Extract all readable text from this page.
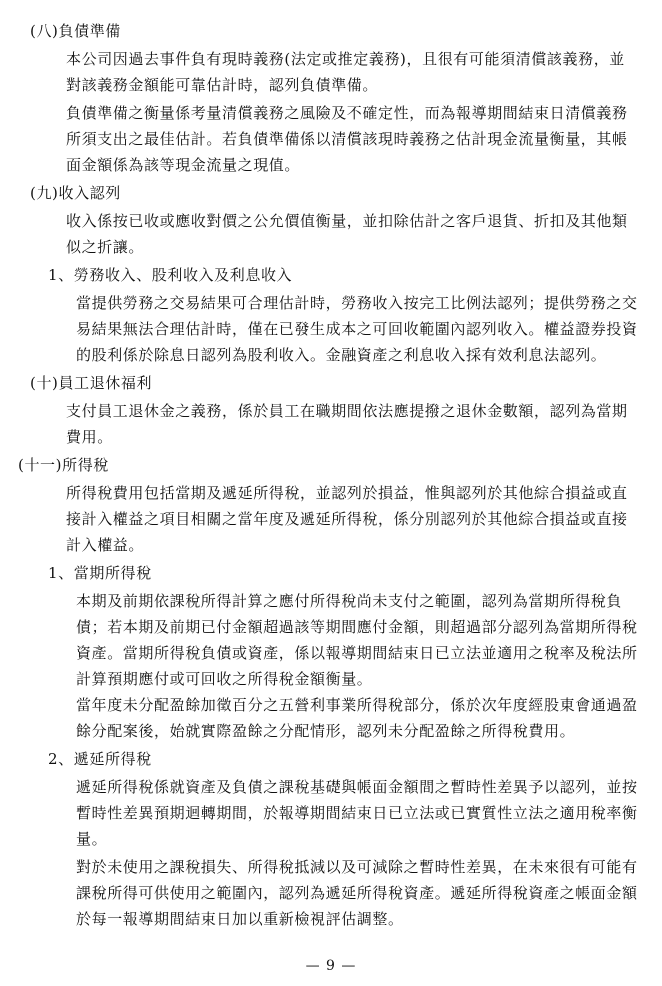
(八)負債準備

本公司因過去事件負有現時義務(法定或推定義務)，且很有可能須清償該義務，並

對該義務金額能可靠估計時，認列負債準備。

負債準備之衡量係考量清償義務之風險及不確定性，而為報導期間結束日清償義務

所須支出之最佳估計。若負債準備係以清償該現時義務之估計現金流量衡量，其帳

面金額係為該等現金流量之現值。

(九)收入認列

收入係按已收或應收對價之公允價值衡量，並扣除估計之客戶退貨、折扣及其他類

似之折讓。

1、勞務收入、股利收入及利息收入

當提供勞務之交易結果可合理估計時，勞務收入按完工比例法認列；提供勞務之交

易結果無法合理估計時，僅在已發生成本之可回收範圍內認列收入。權益證券投資

的股利係於除息日認列為股利收入。金融資產之利息收入採有效利息法認列。

(十)員工退休福利

支付員工退休金之義務，係於員工在職期間依法應提撥之退休金數額，認列為當期

費用。

(十一)所得稅

所得稅費用包括當期及遞延所得稅，並認列於損益，惟與認列於其他綜合損益或直

接計入權益之項目相關之當年度及遞延所得稅，係分別認列於其他綜合損益或直接

計入權益。

1、當期所得稅

本期及前期依課稅所得計算之應付所得稅尚未支付之範圍，認列為當期所得稅負

債；若本期及前期已付金額超過該等期間應付金額，則超過部分認列為當期所得稅

資產。當期所得稅負債或資產，係以報導期間結束日已立法並適用之稅率及稅法所

計算預期應付或可回收之所得稅金額衡量。

當年度未分配盈餘加徵百分之五營利事業所得稅部分，係於次年度經股東會通過盈

餘分配案後，始就實際盈餘之分配情形，認列未分配盈餘之所得稅費用。

2、遞延所得稅

遞延所得稅係就資產及負債之課稅基礎與帳面金額間之暫時性差異予以認列，並按

暫時性差異預期迴轉期間，於報導期間結束日已立法或已實質性立法之適用稅率衡

量。

對於未使用之課稅損失、所得稅抵減以及可減除之暫時性差異，在未來很有可能有

課稅所得可供使用之範圍內，認列為遞延所得稅資產。遞延所得稅資產之帳面金額

於每一報導期間結束日加以重新檢視評估調整。

— 9 —
